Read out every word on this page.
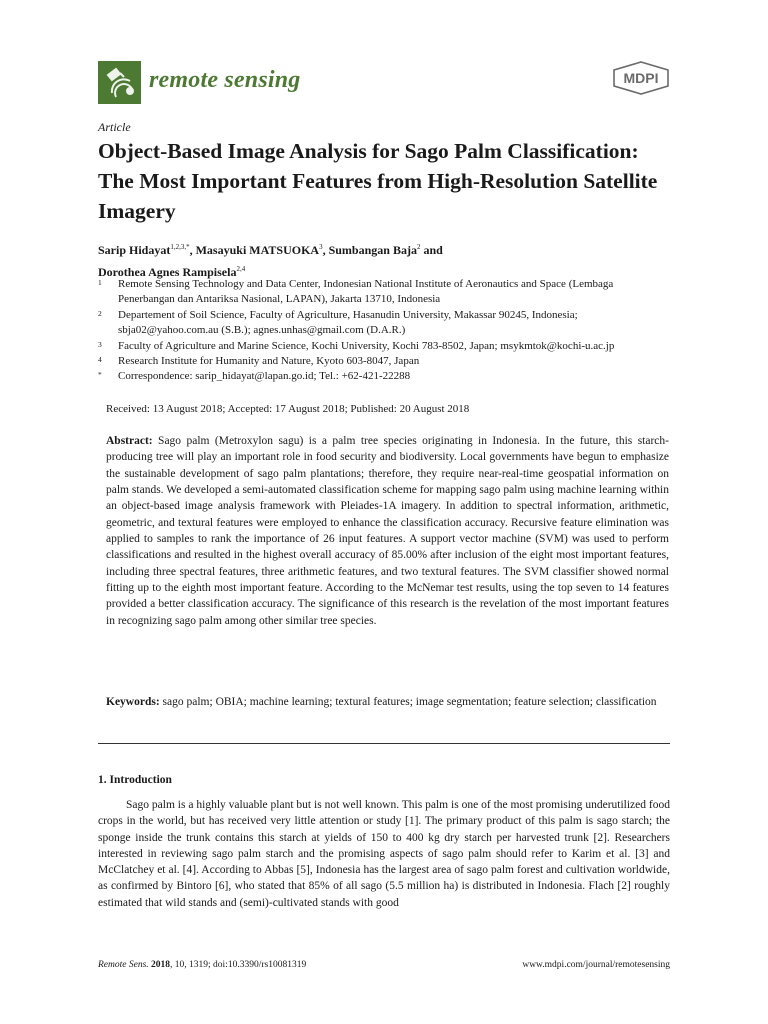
remote sensing	MDPI
Article
Object-Based Image Analysis for Sago Palm Classification: The Most Important Features from High-Resolution Satellite Imagery
Sarip Hidayat$^{1,2,3,*}$, Masayuki MATSUOKA$^3$, Sumbangan Baja$^2$ and
Dorothea Agnes Rampisela$^{2,4}$
1	Remote Sensing Technology and Data Center, Indonesian National Institute of Aeronautics and Space (Lembaga Penerbangan dan Antariksa Nasional, LAPAN), Jakarta 13710, Indonesia
2	Departement of Soil Science, Faculty of Agriculture, Hasanudin University, Makassar 90245, Indonesia; sbja02@yahoo.com.au (S.B.); agnes.unhas@gmail.com (D.A.R.)
3	Faculty of Agriculture and Marine Science, Kochi University, Kochi 783-8502, Japan; msykmtok@kochi-u.ac.jp
4	Research Institute for Humanity and Nature, Kyoto 603-8047, Japan
*	Correspondence: sarip_hidayat@lapan.go.id; Tel.: +62-421-22288
Received: 13 August 2018; Accepted: 17 August 2018; Published: 20 August 2018

Abstract: Sago palm (Metroxylon sagu) is a palm tree species originating in Indonesia. In the future, this starch-producing tree will play an important role in food security and biodiversity. Local governments have begun to emphasize the sustainable development of sago palm plantations; therefore, they require near-real-time geospatial information on palm stands. We developed a semi-automated classification scheme for mapping sago palm using machine learning within an object-based image analysis framework with Pleiades-1A imagery. In addition to spectral information, arithmetic, geometric, and textural features were employed to enhance the classification accuracy. Recursive feature elimination was applied to samples to rank the importance of 26 input features. A support vector machine (SVM) was used to perform classifications and resulted in the highest overall accuracy of 85.00% after inclusion of the eight most important features, including three spectral features, three arithmetic features, and two textural features. The SVM classifier showed normal fitting up to the eighth most important feature. According to the McNemar test results, using the top seven to 14 features provided a better classification accuracy. The significance of this research is the revelation of the most important features in recognizing sago palm among other similar tree species.

Keywords: sago palm; OBIA; machine learning; textural features; image segmentation; feature selection; classification

1. Introduction

Sago palm is a highly valuable plant but is not well known. This palm is one of the most promising underutilized food crops in the world, but has received very little attention or study [1]. The primary product of this palm is sago starch; the sponge inside the trunk contains this starch at yields of 150 to 400 kg dry starch per harvested trunk [2]. Researchers interested in reviewing sago palm starch and the promising aspects of sago palm should refer to Karim et al. [3] and McClatchey et al. [4]. According to Abbas [5], Indonesia has the largest area of sago palm forest and cultivation worldwide, as confirmed by Bintoro [6], who stated that 85% of all sago (5.5 million ha) is distributed in Indonesia. Flach [2] roughly estimated that wild stands and (semi)-cultivated stands with good

Remote Sens. 2018, 10, 1319; doi:10.3390/rs10081319	www.mdpi.com/journal/remotesensing
